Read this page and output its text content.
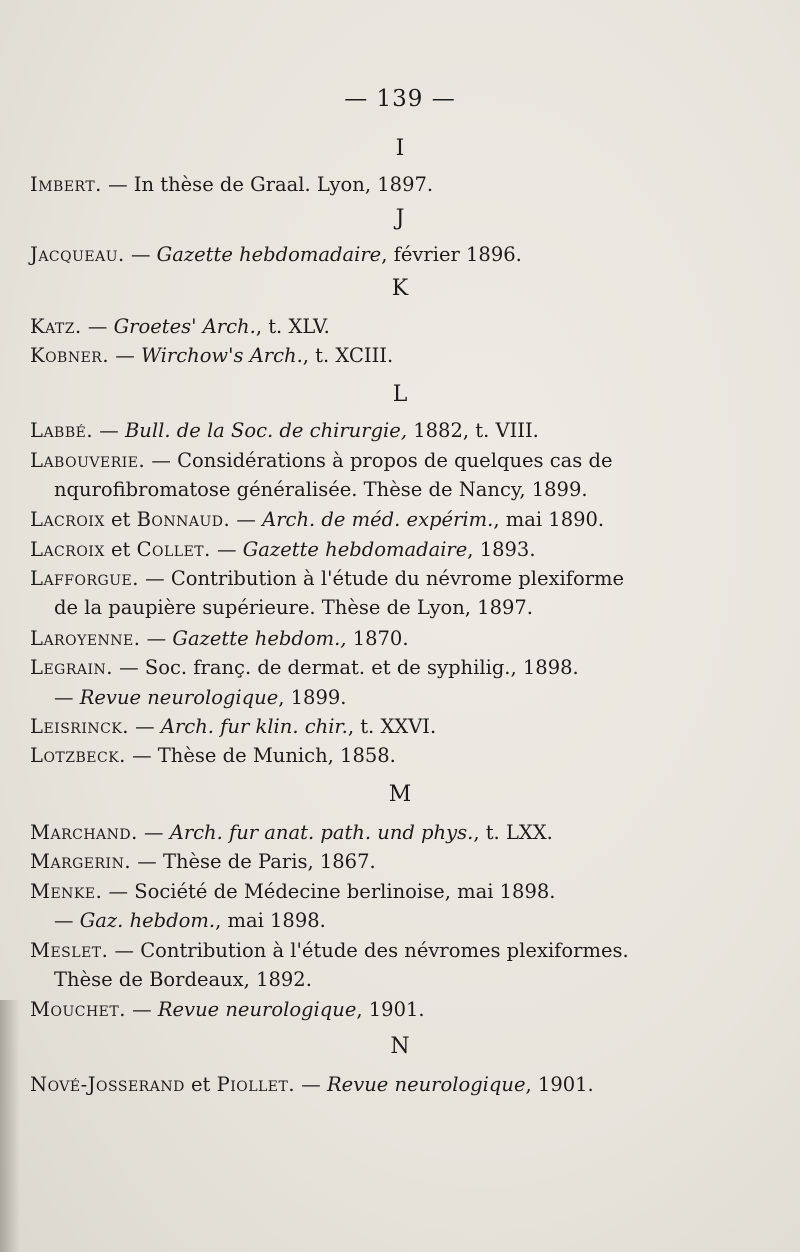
— 139 —
I
Imbert. — In thèse de Graal. Lyon, 1897.
J
Jacqueau. — Gazette hebdomadaire, février 1896.
K
Katz. — Groetes' Arch., t. XLV.
Kobner. — Wirchow's Arch., t. XCIII.
L
Labbé. — Bull. de la Soc. de chirurgie, 1882, t. VIII.
Labouverie. — Considérations à propos de quelques cas de
nqurofibromatose généralisée. Thèse de Nancy, 1899.
Lacroix et Bonnaud. — Arch. de méd. expérim., mai 1890.
Lacroix et Collet. — Gazette hebdomadaire, 1893.
Lafforgue. — Contribution à l'étude du névrome plexiforme
de la paupière supérieure. Thèse de Lyon, 1897.
Laroyenne. — Gazette hebdom., 1870.
Legrain. — Soc. franç. de dermat. et de syphilig., 1898.
— Revue neurologique, 1899.
Leisrinck. — Arch. fur klin. chir., t. XXVI.
Lotzbeck. — Thèse de Munich, 1858.
M
Marchand. — Arch. fur anat. path. und phys., t. LXX.
Margerin. — Thèse de Paris, 1867.
Menke. — Société de Médecine berlinoise, mai 1898.
— Gaz. hebdom., mai 1898.
Meslet. — Contribution à l'étude des névromes plexiformes.
Thèse de Bordeaux, 1892.
Mouchet. — Revue neurologique, 1901.
N
Nové-Josserand et Piollet. — Revue neurologique, 1901.
